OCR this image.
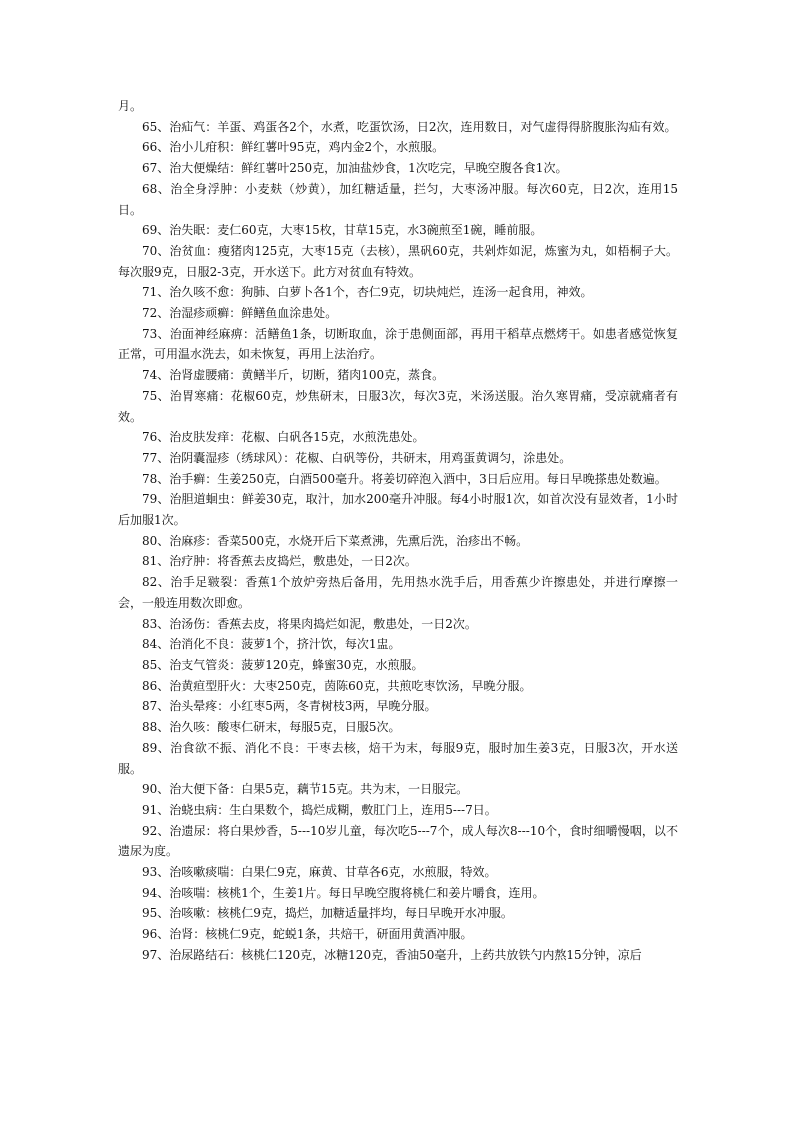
月。

65、治疝气：羊蛋、鸡蛋各2个，水煮，吃蛋饮汤，日2次，连用数日，对气虚得得脐腹胀沟疝有效。

66、治小儿疳积：鲜红薯叶95克，鸡内金2个，水煎服。

67、治大便燥结：鲜红薯叶250克，加油盐炒食，1次吃完，早晚空腹各食1次。

68、治全身浮肿：小麦麸（炒黄），加红糖适量，拦匀，大枣汤冲服。每次60克，日2次，连用15日。

69、治失眠：麦仁60克，大枣15枚，甘草15克，水3碗煎至1碗，睡前服。

70、治贫血：瘦猪肉125克，大枣15克（去核），黑矾60克，共剁炸如泥，炼蜜为丸，如梧桐子大。每次服9克，日服2-3克，开水送下。此方对贫血有特效。

71、治久咳不愈：狗肺、白萝卜各1个，杏仁9克，切块炖烂，连汤一起食用，神效。

72、治湿疹顽癣：鲜鳝鱼血涂患处。

73、治面神经麻痹：活鳝鱼1条，切断取血，涂于患侧面部，再用干稻草点燃烤干。如患者感觉恢复正常，可用温水洗去，如未恢复，再用上法治疗。

74、治肾虚腰痛：黄鳝半斤，切断，猪肉100克，蒸食。

75、治胃寒痛：花椒60克，炒焦研末，日服3次，每次3克，米汤送服。治久寒胃痛，受凉就痛者有效。

76、治皮肤发痒：花椒、白矾各15克，水煎洗患处。

77、治阴囊湿疹（绣球风）：花椒、白矾等份，共研末，用鸡蛋黄调匀，涂患处。

78、治手癣：生姜250克，白酒500毫升。将姜切碎泡入酒中，3日后应用。每日早晚搽患处数遍。

79、治胆道蛔虫：鲜姜30克，取汁，加水200毫升冲服。每4小时服1次，如首次没有显效者，1小时后加服1次。

80、治麻疹：香菜500克，水烧开后下菜煮沸，先熏后洗，治疹出不畅。

81、治疗肿：将香蕉去皮捣烂，敷患处，一日2次。

82、治手足皲裂：香蕉1个放炉旁热后备用，先用热水洗手后，用香蕉少许擦患处，并进行摩擦一会，一般连用数次即愈。

83、治汤伤：香蕉去皮，将果肉捣烂如泥，敷患处，一日2次。

84、治消化不良：菠萝1个，挤汁饮，每次1盅。

85、治支气管炎：菠萝120克，蜂蜜30克，水煎服。

86、治黄疸型肝火：大枣250克，茵陈60克，共煎吃枣饮汤，早晚分服。

87、治头晕疼：小红枣5两，冬青树枝3两，早晚分服。

88、治久咳：酸枣仁研末，每服5克，日服5次。

89、治食欲不振、消化不良：干枣去核，焙干为末，每服9克，服时加生姜3克，日服3次，开水送服。

90、治大便下备：白果5克，藕节15克。共为末，一日服完。

91、治蛲虫病：生白果数个，捣烂成糊，敷肛门上，连用5---7日。

92、治遗尿：将白果炒香，5---10岁儿童，每次吃5---7个，成人每次8---10个，食时细嚼慢咽，以不遗尿为度。

93、治咳嗽痰喘：白果仁9克，麻黄、甘草各6克，水煎服，特效。

94、治咳喘：核桃1个，生姜1片。每日早晚空腹将桃仁和姜片嚼食，连用。

95、治咳嗽：核桃仁9克，捣烂，加糖适量拌均，每日早晚开水冲服。

96、治肾：核桃仁9克，蛇蜕1条，共焙干，研面用黄酒冲服。

97、治尿路结石：核桃仁120克，冰糖120克，香油50毫升，上药共放铁勺内熬15分钟，凉后
